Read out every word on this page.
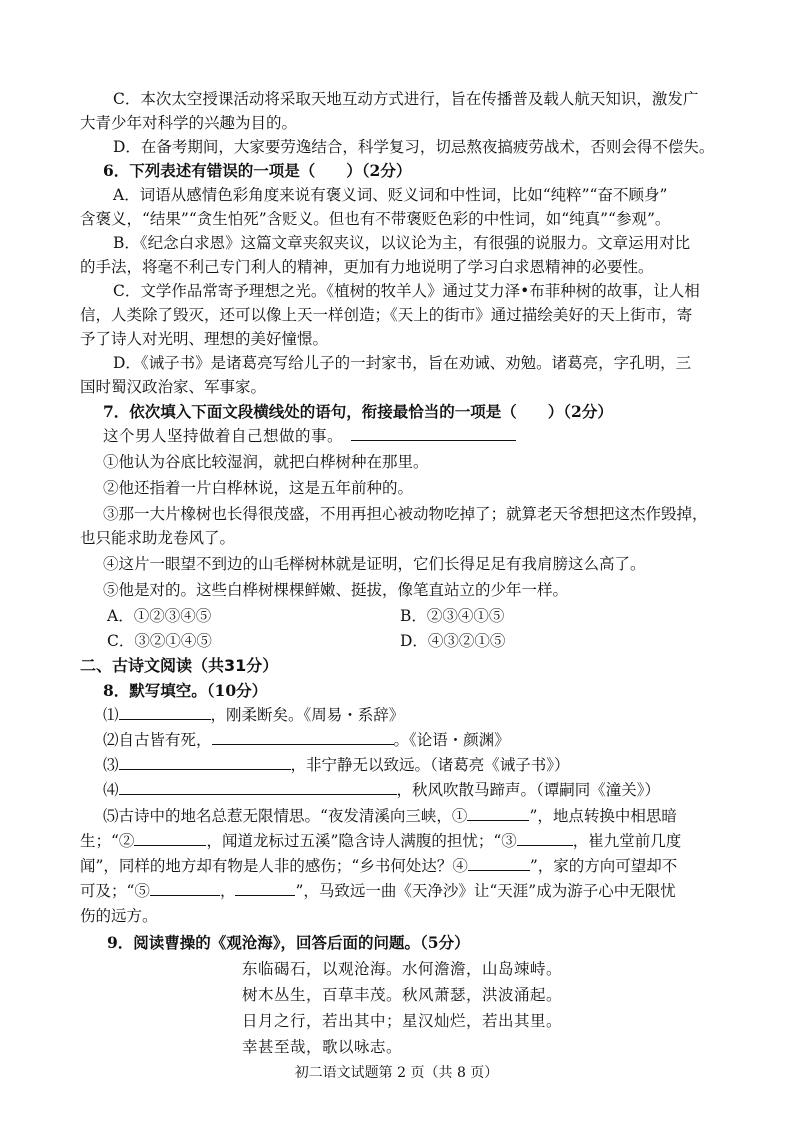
C．本次太空授课活动将采取天地互动方式进行，旨在传播普及载人航天知识，激发广
大青少年对科学的兴趣为目的。
D．在备考期间，大家要劳逸结合，科学复习，切忌熬夜搞疲劳战术，否则会得不偿失。
6．下列表述有错误的一项是（　　）（2分）
A．词语从感情色彩角度来说有褒义词、贬义词和中性词，比如“纯粹”“奋不顾身”
含褒义，“结果”“贪生怕死”含贬义。但也有不带褒贬色彩的中性词，如“纯真”“参观”。
B．《纪念白求恩》这篇文章夹叙夹议，以议论为主，有很强的说服力。文章运用对比
的手法，将毫不利己专门利人的精神，更加有力地说明了学习白求恩精神的必要性。
C．文学作品常寄予理想之光。《植树的牧羊人》通过艾力泽•布菲种树的故事，让人相
信，人类除了毁灭，还可以像上天一样创造；《天上的街市》通过描绘美好的天上街市，寄
予了诗人对光明、理想的美好憧憬。
D．《诫子书》是诸葛亮写给儿子的一封家书，旨在劝诫、劝勉。诸葛亮，字孔明，三
国时蜀汉政治家、军事家。
7．依次填入下面文段横线处的语句，衔接最恰当的一项是（　　）（2分）
这个男人坚持做着自己想做的事。
①他认为谷底比较湿润，就把白桦树种在那里。
②他还指着一片白桦林说，这是五年前种的。
③那一大片橡树也长得很茂盛，不用再担心被动物吃掉了；就算老天爷想把这杰作毁掉，
也只能求助龙卷风了。
④这片一眼望不到边的山毛榉树林就是证明，它们长得足足有我肩膀这么高了。
⑤他是对的。这些白桦树棵棵鲜嫩、挺拔，像笔直站立的少年一样。
A．①②③④⑤	B．②③④①⑤
C．③②①④⑤	D．④③②①⑤
二、古诗文阅读（共31分）
8．默写填空。（10分）
⑴	，刚柔断矣。《周易・系辞》
⑵自古皆有死，	。《论语・颜渊》
⑶	，非宁静无以致远。（诸葛亮《诫子书》）
⑷	，秋风吹散马蹄声。（谭嗣同《潼关》）
⑸古诗中的地名总惹无限情思。“夜发清溪向三峡，①	”，地点转换中相思暗
生；“②	，闻道龙标过五溪”隐含诗人满腹的担忧；“③	，崔九堂前几度
闻”，同样的地方却有物是人非的感伤；“乡书何处达？④	”，家的方向可望却不
可及；“⑤	，	”，马致远一曲《天净沙》让“天涯”成为游子心中无限忧
伤的远方。
9．阅读曹操的《观沧海》，回答后面的问题。（5分）
东临碣石，以观沧海。水何澹澹，山岛竦峙。
树木丛生，百草丰茂。秋风萧瑟，洪波涌起。
日月之行，若出其中；星汉灿烂，若出其里。
幸甚至哉，歌以咏志。
初二语文试题第 2 页（共 8 页）
